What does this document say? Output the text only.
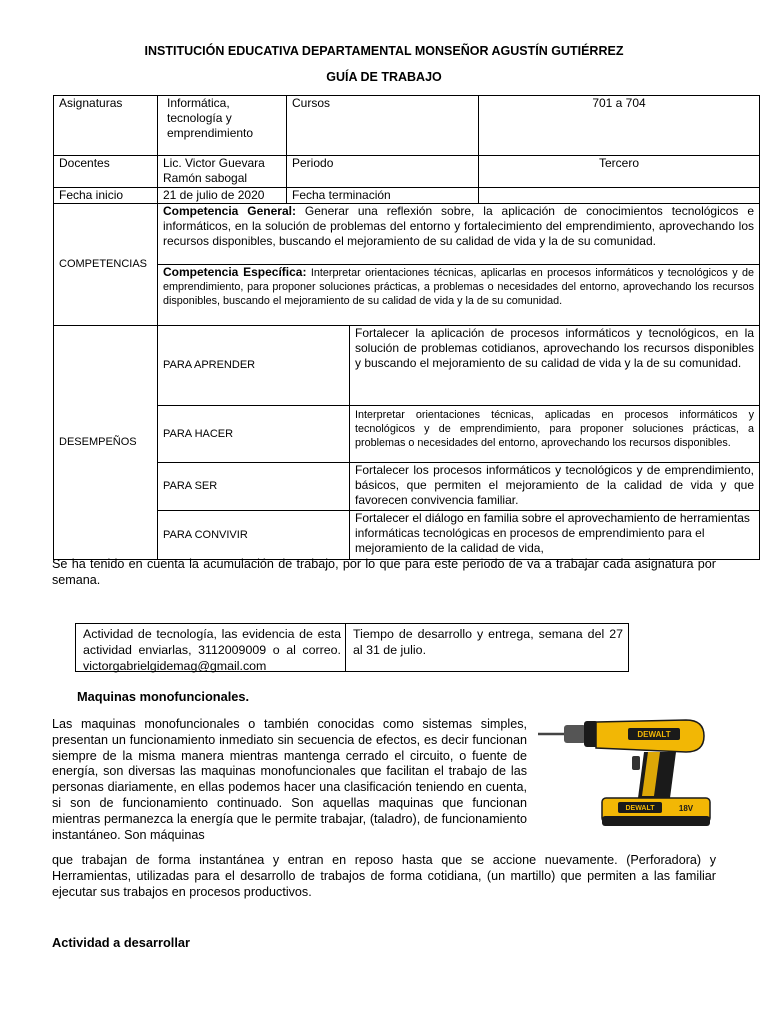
INSTITUCIÓN EDUCATIVA DEPARTAMENTAL MONSEÑOR AGUSTÍN GUTIÉRREZ
GUÍA DE TRABAJO
Asignaturas	Informática, tecnología y emprendimiento	Cursos		701 a 704
Docentes	Lic. Victor Guevara Ramón sabogal	Periodo		Tercero
Fecha inicio	21 de julio de 2020	Fecha terminación		
COMPETENCIAS	Competencia General: Generar una reflexión sobre, la aplicación de conocimientos tecnológicos e informáticos, en la solución de problemas del entorno y fortalecimiento del emprendimiento, aprovechando los recursos disponibles, buscando el mejoramiento de su calidad de vida y la de su comunidad.			
	Competencia Específica: Interpretar orientaciones técnicas, aplicarlas en procesos informáticos y tecnológicos y de emprendimiento, para proponer soluciones prácticas, a problemas o necesidades del entorno, aprovechando los recursos disponibles, buscando el mejoramiento de su calidad de vida y la de su comunidad.			
DESEMPEÑOS	PARA APRENDER		Fortalecer la aplicación de procesos informáticos y tecnológicos, en la solución de problemas cotidianos, aprovechando los recursos disponibles y buscando el mejoramiento de su calidad de vida y la de su comunidad.	
	PARA HACER		Interpretar orientaciones técnicas, aplicadas en procesos informáticos y tecnológicos y de emprendimiento, para proponer soluciones prácticas, a problemas o necesidades del entorno, aprovechando los recursos disponibles.	
	PARA SER		Fortalecer los procesos informáticos y tecnológicos y de emprendimiento, básicos, que permiten el mejoramiento de la calidad de vida y que favorecen convivencia familiar.	
	PARA CONVIVIR		Fortalecer el diálogo en familia sobre el aprovechamiento de herramientas informáticas tecnológicas en procesos de emprendimiento para el mejoramiento de la calidad de vida,	
Se ha tenido en cuenta la acumulación de trabajo, por lo que para este periodo de va a trabajar cada asignatura por semana.
Actividad de tecnología, las evidencia de esta actividad enviarlas, 3112009009 o al correo. victorgabrielgidemag@gmail.com
Tiempo de desarrollo y entrega, semana del 27 al 31 de julio.
Maquinas monofuncionales.
Las maquinas monofuncionales o también conocidas como sistemas simples, presentan un funcionamiento inmediato sin secuencia de efectos, es decir funcionan siempre de la misma manera mientras mantenga cerrado el circuito, o fuente de energía, son diversas las maquinas monofuncionales que facilitan el trabajo de las personas diariamente, en ellas podemos hacer una clasificación teniendo en cuenta, si son de funcionamiento continuado. Son aquellas maquinas que funcionan mientras permanezca la energía que le permite trabajar, (taladro), de funcionamiento instantáneo. Son máquinas
DEWALT
DEWALT	18V
que trabajan de forma instantánea y entran en reposo hasta que se accione nuevamente. (Perforadora) y Herramientas, utilizadas para el desarrollo de trabajos de forma cotidiana, (un martillo) que permiten a las familiar ejecutar sus trabajos en procesos productivos.
Actividad a desarrollar
